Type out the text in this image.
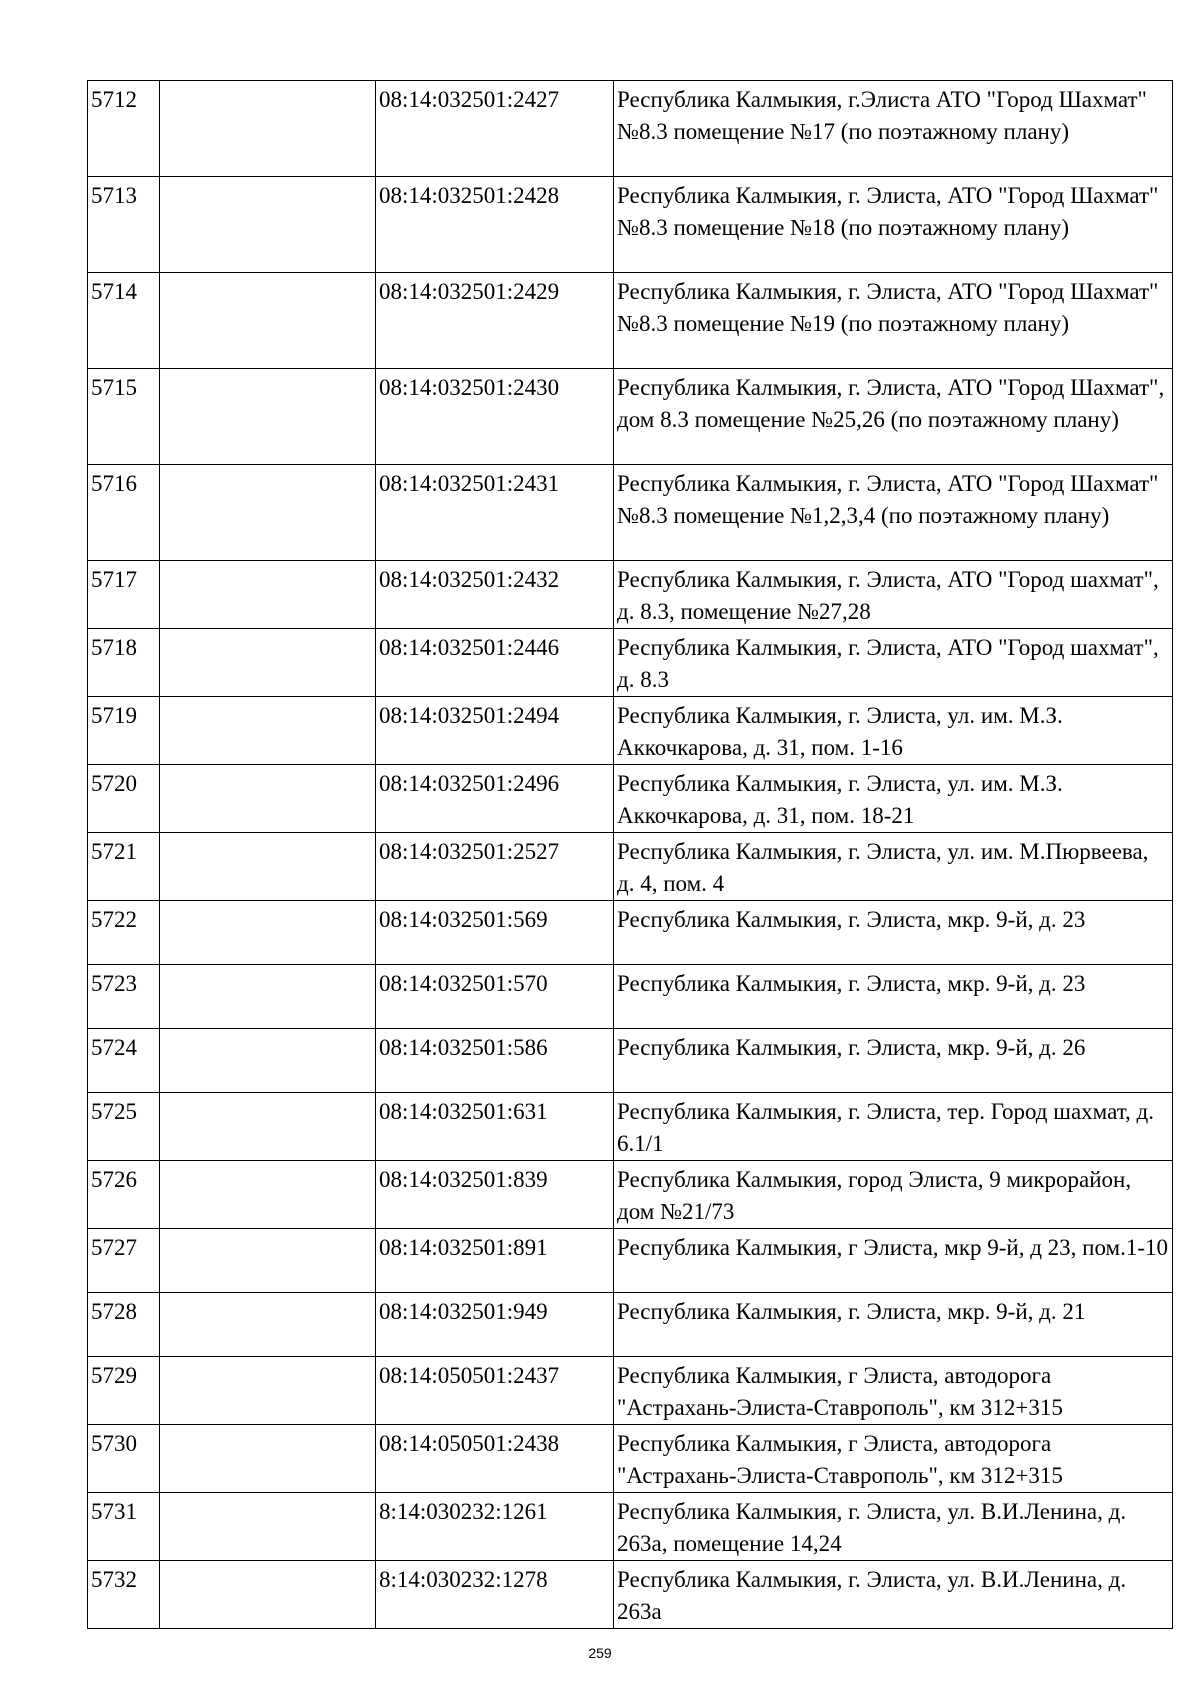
5712		08:14:032501:2427	Республика Калмыкия, г.Элиста АТО "Город Шахмат" №8.3 помещение №17 (по поэтажному плану)
5713		08:14:032501:2428	Республика Калмыкия, г. Элиста, АТО "Город Шахмат" №8.3 помещение №18 (по поэтажному плану)
5714		08:14:032501:2429	Республика Калмыкия, г. Элиста, АТО "Город Шахмат" №8.3 помещение №19 (по поэтажному плану)
5715		08:14:032501:2430	Республика Калмыкия, г. Элиста, АТО "Город Шахмат", дом 8.3 помещение №25,26 (по поэтажному плану)
5716		08:14:032501:2431	Республика Калмыкия, г. Элиста, АТО "Город Шахмат" №8.3 помещение №1,2,3,4 (по поэтажному плану)
5717		08:14:032501:2432	Республика Калмыкия, г. Элиста, АТО "Город шахмат", д. 8.3, помещение №27,28
5718		08:14:032501:2446	Республика Калмыкия, г. Элиста, АТО "Город шахмат", д. 8.3
5719		08:14:032501:2494	Республика Калмыкия, г. Элиста, ул. им. М.З. Аккочкарова, д. 31, пом. 1-16
5720		08:14:032501:2496	Республика Калмыкия, г. Элиста, ул. им. М.З. Аккочкарова, д. 31, пом. 18-21
5721		08:14:032501:2527	Республика Калмыкия, г. Элиста, ул. им. М.Пюрвеева, д. 4, пом. 4
5722		08:14:032501:569	Республика Калмыкия, г. Элиста, мкр. 9-й, д. 23
5723		08:14:032501:570	Республика Калмыкия, г. Элиста, мкр. 9-й, д. 23
5724		08:14:032501:586	Республика Калмыкия, г. Элиста, мкр. 9-й, д. 26
5725		08:14:032501:631	Республика Калмыкия, г. Элиста, тер. Город шахмат, д. 6.1/1
5726		08:14:032501:839	Республика Калмыкия, город Элиста, 9 микрорайон, дом №21/73
5727		08:14:032501:891	Республика Калмыкия, г Элиста, мкр 9-й, д 23, пом.1-10
5728		08:14:032501:949	Республика Калмыкия, г. Элиста, мкр. 9-й, д. 21
5729		08:14:050501:2437	Республика Калмыкия, г Элиста, автодорога "Астрахань-Элиста-Ставрополь", км 312+315
5730		08:14:050501:2438	Республика Калмыкия, г Элиста, автодорога "Астрахань-Элиста-Ставрополь", км 312+315
5731		8:14:030232:1261	Республика Калмыкия, г. Элиста, ул. В.И.Ленина, д. 263а, помещение 14,24
5732		8:14:030232:1278	Республика Калмыкия, г. Элиста, ул. В.И.Ленина, д. 263а
259
